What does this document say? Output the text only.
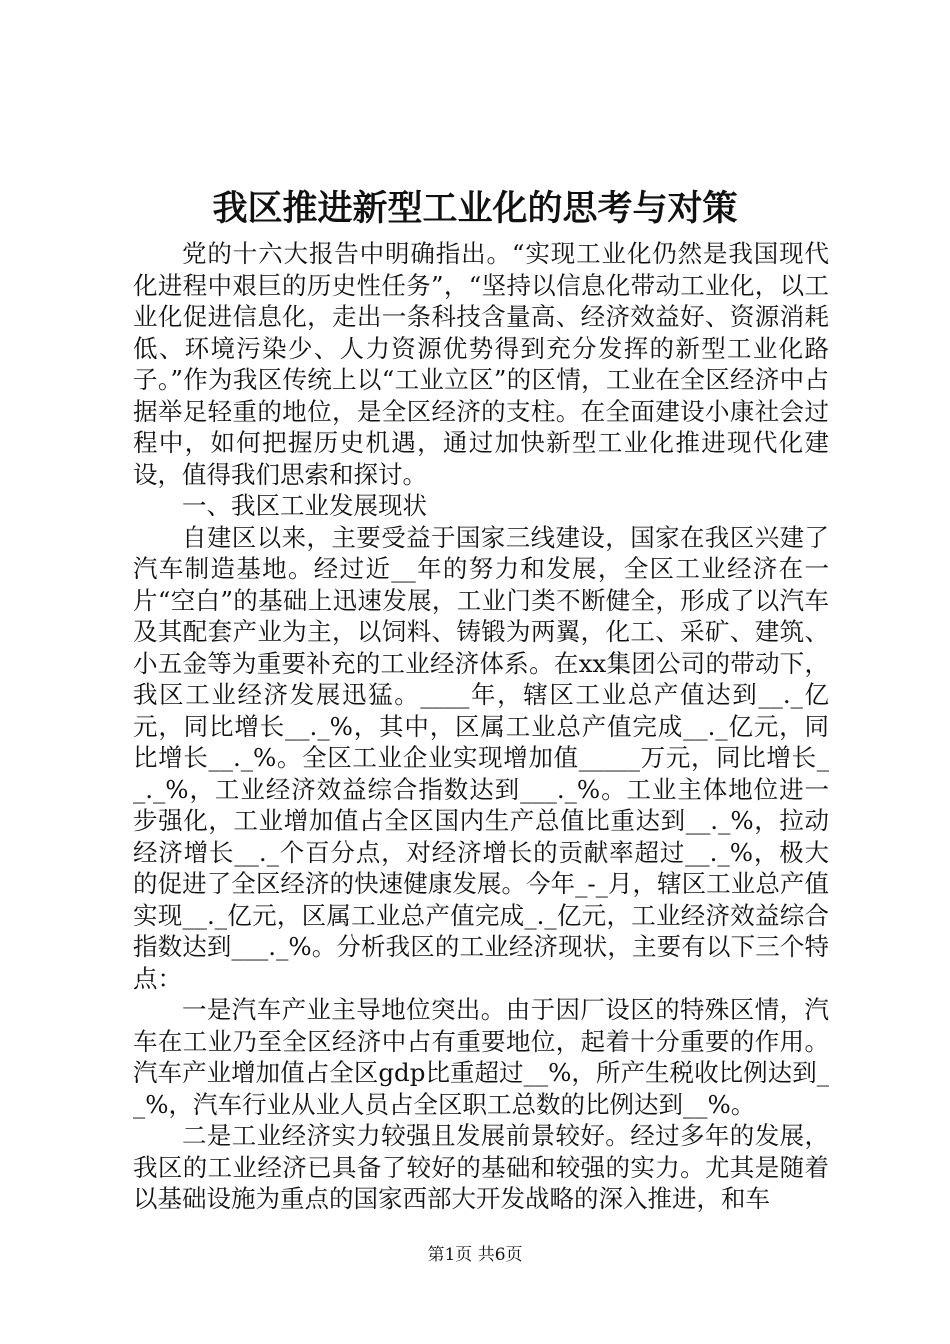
我区推进新型工业化的思考与对策

党的十六大报告中明确指出。“实现工业化仍然是我国现代化进程中艰巨的历史性任务”，“坚持以信息化带动工业化，以工业化促进信息化，走出一条科技含量高、经济效益好、资源消耗低、环境污染少、人力资源优势得到充分发挥的新型工业化路子。”作为我区传统上以“工业立区”的区情，工业在全区经济中占据举足轻重的地位，是全区经济的支柱。在全面建设小康社会过程中，如何把握历史机遇，通过加快新型工业化推进现代化建设，值得我们思索和探讨。

一、我区工业发展现状

自建区以来，主要受益于国家三线建设，国家在我区兴建了汽车制造基地。经过近__年的努力和发展，全区工业经济在一片“空白”的基础上迅速发展，工业门类不断健全，形成了以汽车及其配套产业为主，以饲料、铸锻为两翼，化工、采矿、建筑、小五金等为重要补充的工业经济体系。在xx集团公司的带动下，我区工业经济发展迅猛。____年，辖区工业总产值达到__._亿元，同比增长__._%，其中，区属工业总产值完成__._亿元，同比增长__._%。全区工业企业实现增加值_____万元，同比增长__._%，工业经济效益综合指数达到___._%。工业主体地位进一步强化，工业增加值占全区国内生产总值比重达到__._%，拉动经济增长__._个百分点，对经济增长的贡献率超过__._%，极大的促进了全区经济的快速健康发展。今年_-_月，辖区工业总产值实现__._亿元，区属工业总产值完成_._亿元，工业经济效益综合指数达到___._%。分析我区的工业经济现状，主要有以下三个特点：

一是汽车产业主导地位突出。由于因厂设区的特殊区情，汽车在工业乃至全区经济中占有重要地位，起着十分重要的作用。汽车产业增加值占全区gdp比重超过__%，所产生税收比例达到__%，汽车行业从业人员占全区职工总数的比例达到__%。

二是工业经济实力较强且发展前景较好。经过多年的发展，我区的工业经济已具备了较好的基础和较强的实力。尤其是随着以基础设施为重点的国家西部大开发战略的深入推进，和车

第1页 共6页
